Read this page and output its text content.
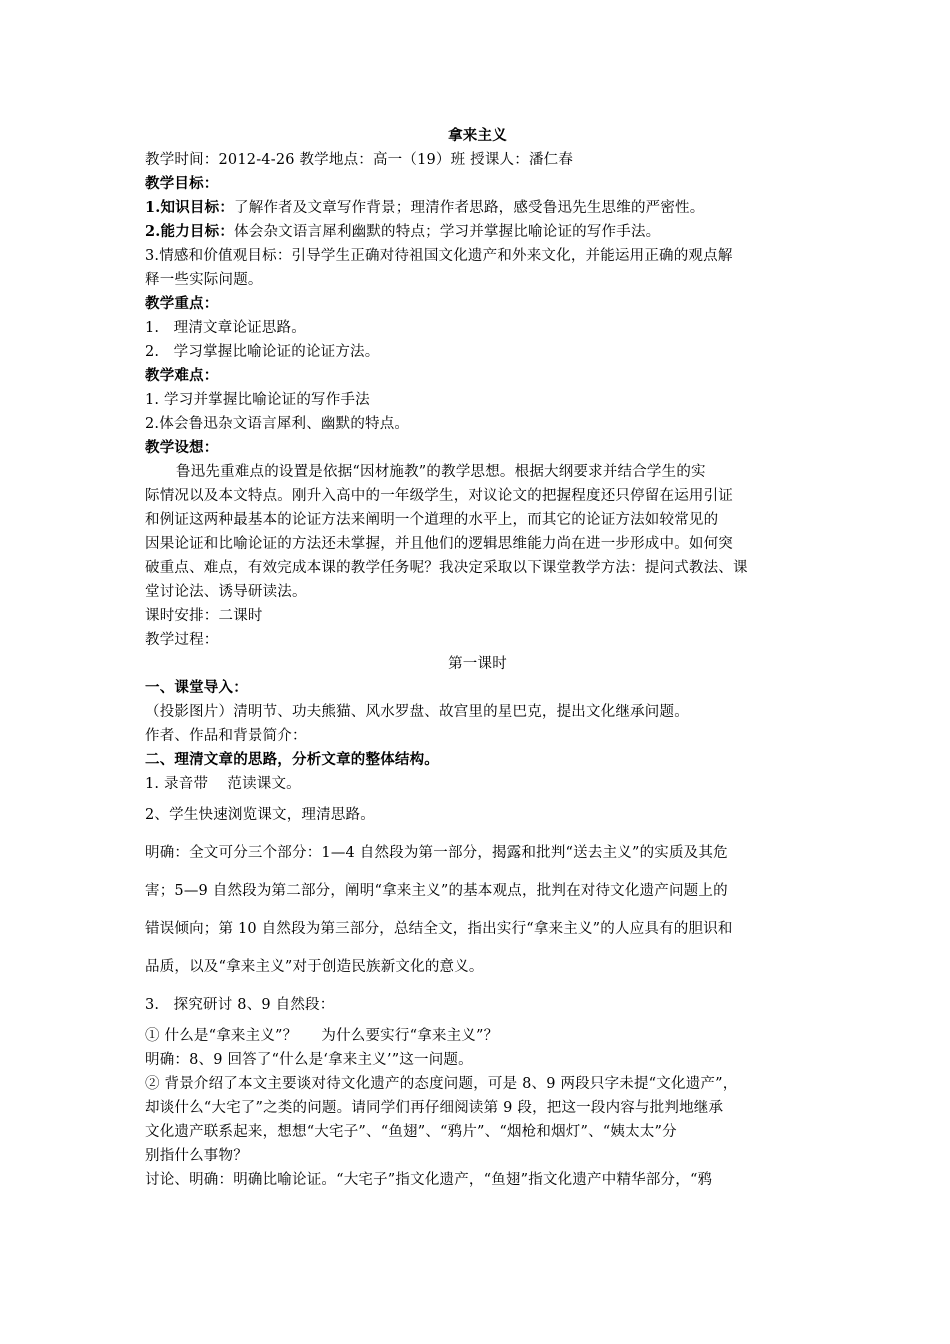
拿来主义
教学时间：2012-4-26 教学地点：高一（19）班 授课人：潘仁春
教学目标：
1.知识目标：了解作者及文章写作背景；理清作者思路，感受鲁迅先生思维的严密性。
2.能力目标：体会杂文语言犀利幽默的特点；学习并掌握比喻论证的写作手法。
3.情感和价值观目标：引导学生正确对待祖国文化遗产和外来文化，并能运用正确的观点解
释一些实际问题。
教学重点：
1.   理清文章论证思路。
2.   学习掌握比喻论证的论证方法。
教学难点：
1. 学习并掌握比喻论证的写作手法
2.体会鲁迅杂文语言犀利、幽默的特点。
教学设想：
鲁迅先重难点的设置是依据“因材施教”的教学思想。根据大纲要求并结合学生的实
际情况以及本文特点。刚升入高中的一年级学生，对议论文的把握程度还只停留在运用引证
和例证这两种最基本的论证方法来阐明一个道理的水平上，而其它的论证方法如较常见的
因果论证和比喻论证的方法还未掌握，并且他们的逻辑思维能力尚在进一步形成中。如何突
破重点、难点，有效完成本课的教学任务呢？我决定采取以下课堂教学方法：提问式教法、课
堂讨论法、诱导研读法。
课时安排：二课时
教学过程：
第一课时
一、课堂导入：
（投影图片）清明节、功夫熊猫、风水罗盘、故宫里的星巴克，提出文化继承问题。
作者、作品和背景简介：
二、理清文章的思路，分析文章的整体结构。
1. 录音带    范读课文。
2、学生快速浏览课文，理清思路。
明确：全文可分三个部分：1—4 自然段为第一部分，揭露和批判“送去主义”的实质及其危
害；5—9 自然段为第二部分，阐明“拿来主义”的基本观点，批判在对待文化遗产问题上的
错误倾向；第 10 自然段为第三部分，总结全文，指出实行“拿来主义”的人应具有的胆识和
品质，以及“拿来主义”对于创造民族新文化的意义。
3.   探究研讨 8、9 自然段：
① 什么是“拿来主义”？     为什么要实行“拿来主义”？
明确：8、9 回答了“什么是‘拿来主义’”这一问题。
② 背景介绍了本文主要谈对待文化遗产的态度问题，可是 8、9 两段只字未提“文化遗产”，
却谈什么“大宅了”之类的问题。请同学们再仔细阅读第 9 段，把这一段内容与批判地继承
文化遗产联系起来，想想“大宅子”、“鱼翅”、“鸦片”、“烟枪和烟灯”、“姨太太”分
别指什么事物？
讨论、明确：明确比喻论证。“大宅子”指文化遗产，“鱼翅”指文化遗产中精华部分，“鸦
